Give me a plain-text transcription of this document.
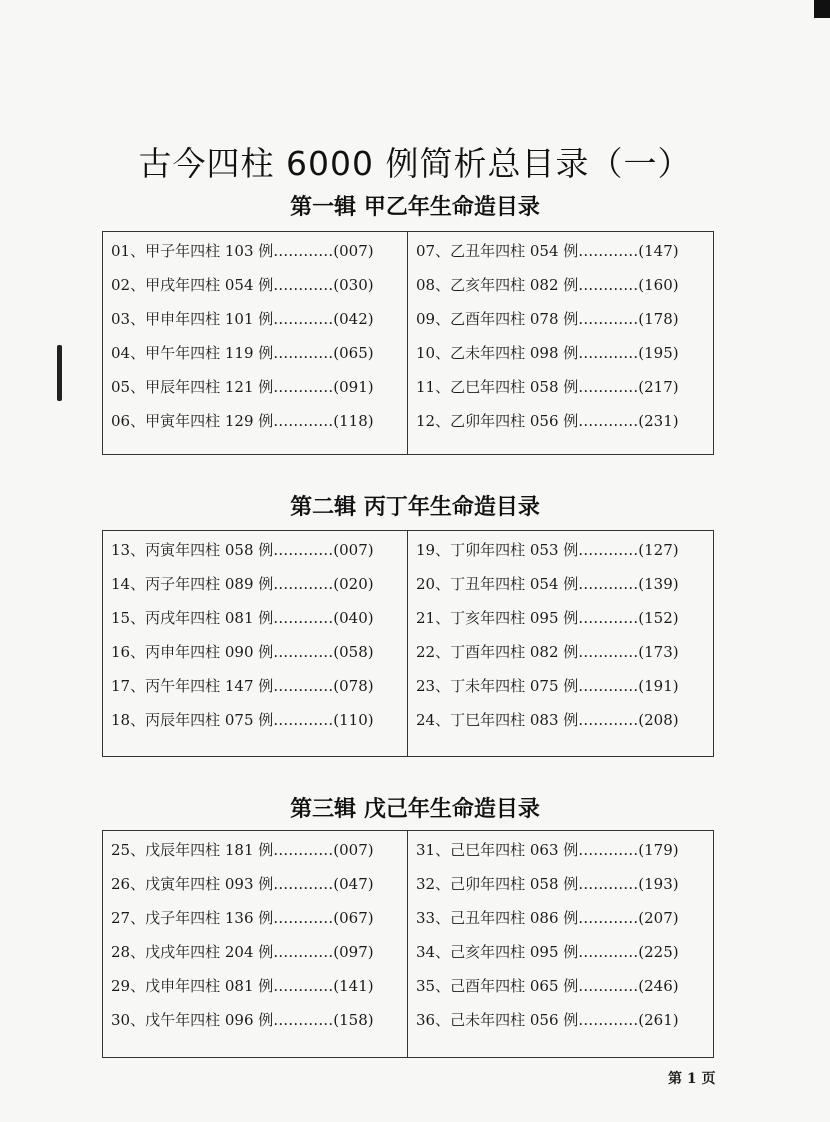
古今四柱 6000 例简析总目录（一）
第一辑 甲乙年生命造目录
01 、 甲子年四柱 103 例 ………… (007)
02 、 甲戌年四柱 054 例 ………… (030)
03 、 甲申年四柱 101 例 ………… (042)
04 、 甲午年四柱 119 例 ………… (065)
05 、 甲辰年四柱 121 例 ………… (091)
06 、 甲寅年四柱 129 例 ………… (118)
07 、 乙丑年四柱 054 例 ………… (147)
08 、 乙亥年四柱 082 例 ………… (160)
09 、 乙酉年四柱 078 例 ………… (178)
10 、 乙未年四柱 098 例 ………… (195)
11 、 乙巳年四柱 058 例 ………… (217)
12 、 乙卯年四柱 056 例 ………… (231)
第二辑 丙丁年生命造目录
13 、 丙寅年四柱 058 例 ………… (007)
14 、 丙子年四柱 089 例 ………… (020)
15 、 丙戌年四柱 081 例 ………… (040)
16 、 丙申年四柱 090 例 ………… (058)
17 、 丙午年四柱 147 例 ………… (078)
18 、 丙辰年四柱 075 例 ………… (110)
19 、 丁卯年四柱 053 例 ………… (127)
20 、 丁丑年四柱 054 例 ………… (139)
21 、 丁亥年四柱 095 例 ………… (152)
22 、 丁酉年四柱 082 例 ………… (173)
23 、 丁未年四柱 075 例 ………… (191)
24 、 丁巳年四柱 083 例 ………… (208)
第三辑 戊己年生命造目录
25 、 戊辰年四柱 181 例 ………… (007)
26 、 戊寅年四柱 093 例 ………… (047)
27 、 戊子年四柱 136 例 ………… (067)
28 、 戊戌年四柱 204 例 ………… (097)
29 、 戊申年四柱 081 例 ………… (141)
30 、 戊午年四柱 096 例 ………… (158)
31 、 己巳年四柱 063 例 ………… (179)
32 、 己卯年四柱 058 例 ………… (193)
33 、 己丑年四柱 086 例 ………… (207)
34 、 己亥年四柱 095 例 ………… (225)
35 、 己酉年四柱 065 例 ………… (246)
36 、 己未年四柱 056 例 ………… (261)
第 1 页
